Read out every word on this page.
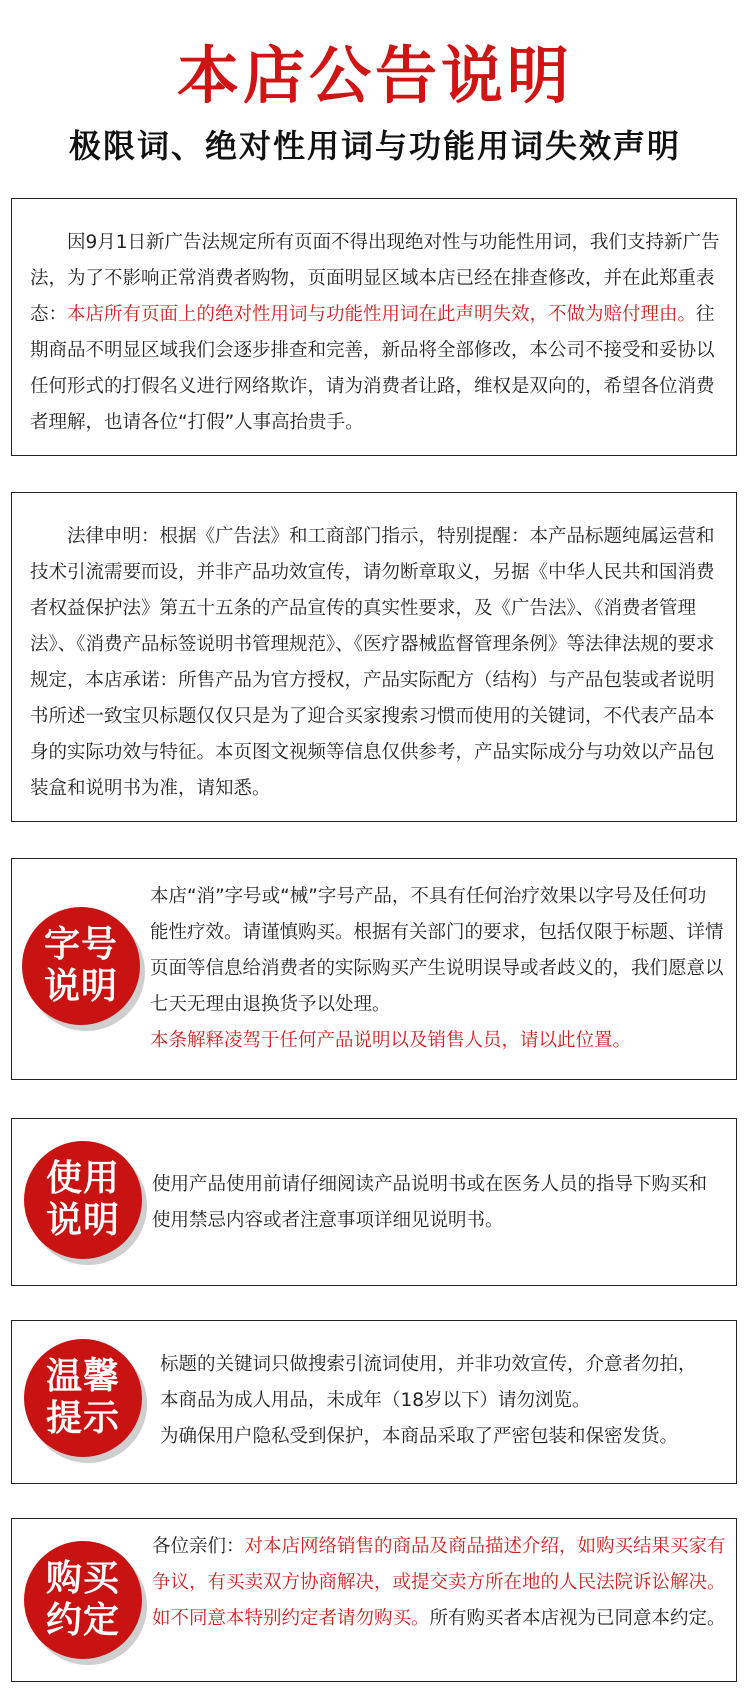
本店公告说明
极限词、绝对性用词与功能用词失效声明

因9月1日新广告法规定所有页面不得出现绝对性与功能性用词，我们支持新广告法，为了不影响正常消费者购物，页面明显区域本店已经在排查修改，并在此郑重表态：本店所有页面上的绝对性用词与功能性用词在此声明失效，不做为赔付理由。往期商品不明显区域我们会逐步排查和完善，新品将全部修改，本公司不接受和妥协以任何形式的打假名义进行网络欺诈，请为消费者让路，维权是双向的，希望各位消费者理解，也请各位“打假”人事高抬贵手。

法律申明：根据《广告法》和工商部门指示，特别提醒：本产品标题纯属运营和技术引流需要而设，并非产品功效宣传，请勿断章取义，另据《中华人民共和国消费者权益保护法》第五十五条的产品宣传的真实性要求，及《广告法》、《消费者管理法》、《消费产品标签说明书管理规范》、《医疗器械监督管理条例》等法律法规的要求规定，本店承诺：所售产品为官方授权，产品实际配方（结构）与产品包装或者说明书所述一致宝贝标题仅仅只是为了迎合买家搜索习惯而使用的关键词，不代表产品本身的实际功效与特征。本页图文视频等信息仅供参考，产品实际成分与功效以产品包装盒和说明书为准，请知悉。

字号
说明

本店“消”字号或“械”字号产品，不具有任何治疗效果以字号及任何功能性疗效。请谨慎购买。根据有关部门的要求，包括仅限于标题、详情页面等信息给消费者的实际购买产生说明误导或者歧义的，我们愿意以七天无理由退换货予以处理。

本条解释凌驾于任何产品说明以及销售人员，请以此位置。

使用
说明

使用产品使用前请仔细阅读产品说明书或在医务人员的指导下购买和使用禁忌内容或者注意事项详细见说明书。

温馨
提示

标题的关键词只做搜索引流词使用，并非功效宣传，介意者勿拍，

本商品为成人用品，未成年（18岁以下）请勿浏览。

为确保用户隐私受到保护，本商品采取了严密包装和保密发货。

购买
约定

各位亲们：对本店网络销售的商品及商品描述介绍，如购买结果买家有争议，有买卖双方协商解决，或提交卖方所在地的人民法院诉讼解决。如不同意本特别约定者请勿购买。所有购买者本店视为已同意本约定。
